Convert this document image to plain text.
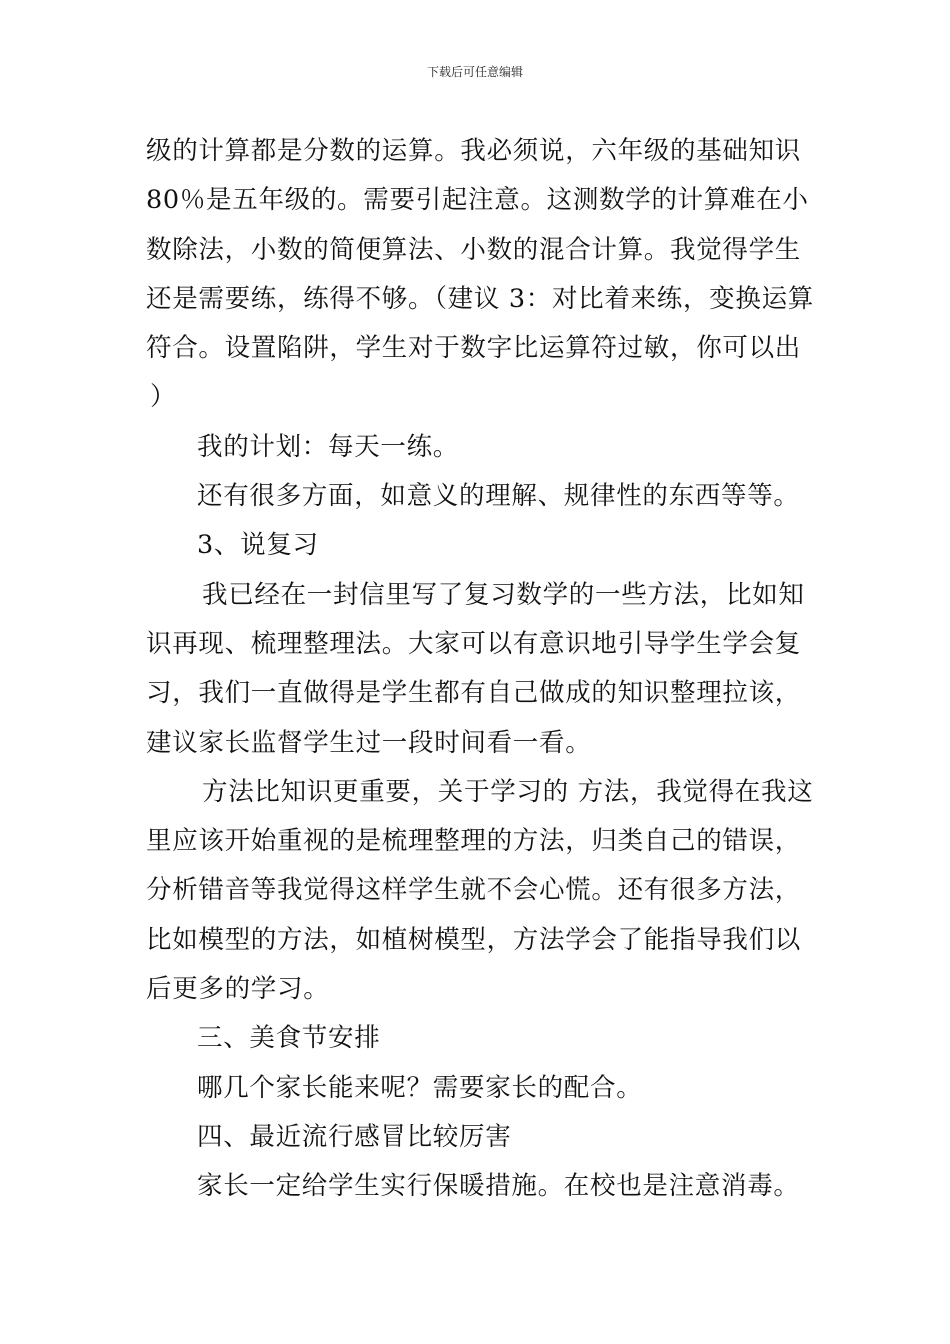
下载后可任意编辑

级的计算都是分数的运算。我必须说，六年级的基础知识
80％是五年级的。需要引起注意。这测数学的计算难在小
数除法，小数的简便算法、小数的混合计算。我觉得学生
还是需要练，练得不够。（建议 3：对比着来练，变换运算
符合。设置陷阱，学生对于数字比运算符过敏，你可以出
）

我的计划：每天一练。

还有很多方面，如意义的理解、规律性的东西等等。

3、说复习

我已经在一封信里写了复习数学的一些方法，比如知
识再现、梳理整理法。大家可以有意识地引导学生学会复
习，我们一直做得是学生都有自己做成的知识整理拉该，
建议家长监督学生过一段时间看一看。

方法比知识更重要，关于学习的 方法，我觉得在我这
里应该开始重视的是梳理整理的方法，归类自己的错误，
分析错音等我觉得这样学生就不会心慌。还有很多方法，
比如模型的方法，如植树模型，方法学会了能指导我们以
后更多的学习。

三、美食节安排

哪几个家长能来呢？需要家长的配合。

四、最近流行感冒比较厉害

家长一定给学生实行保暖措施。在校也是注意消毒。
